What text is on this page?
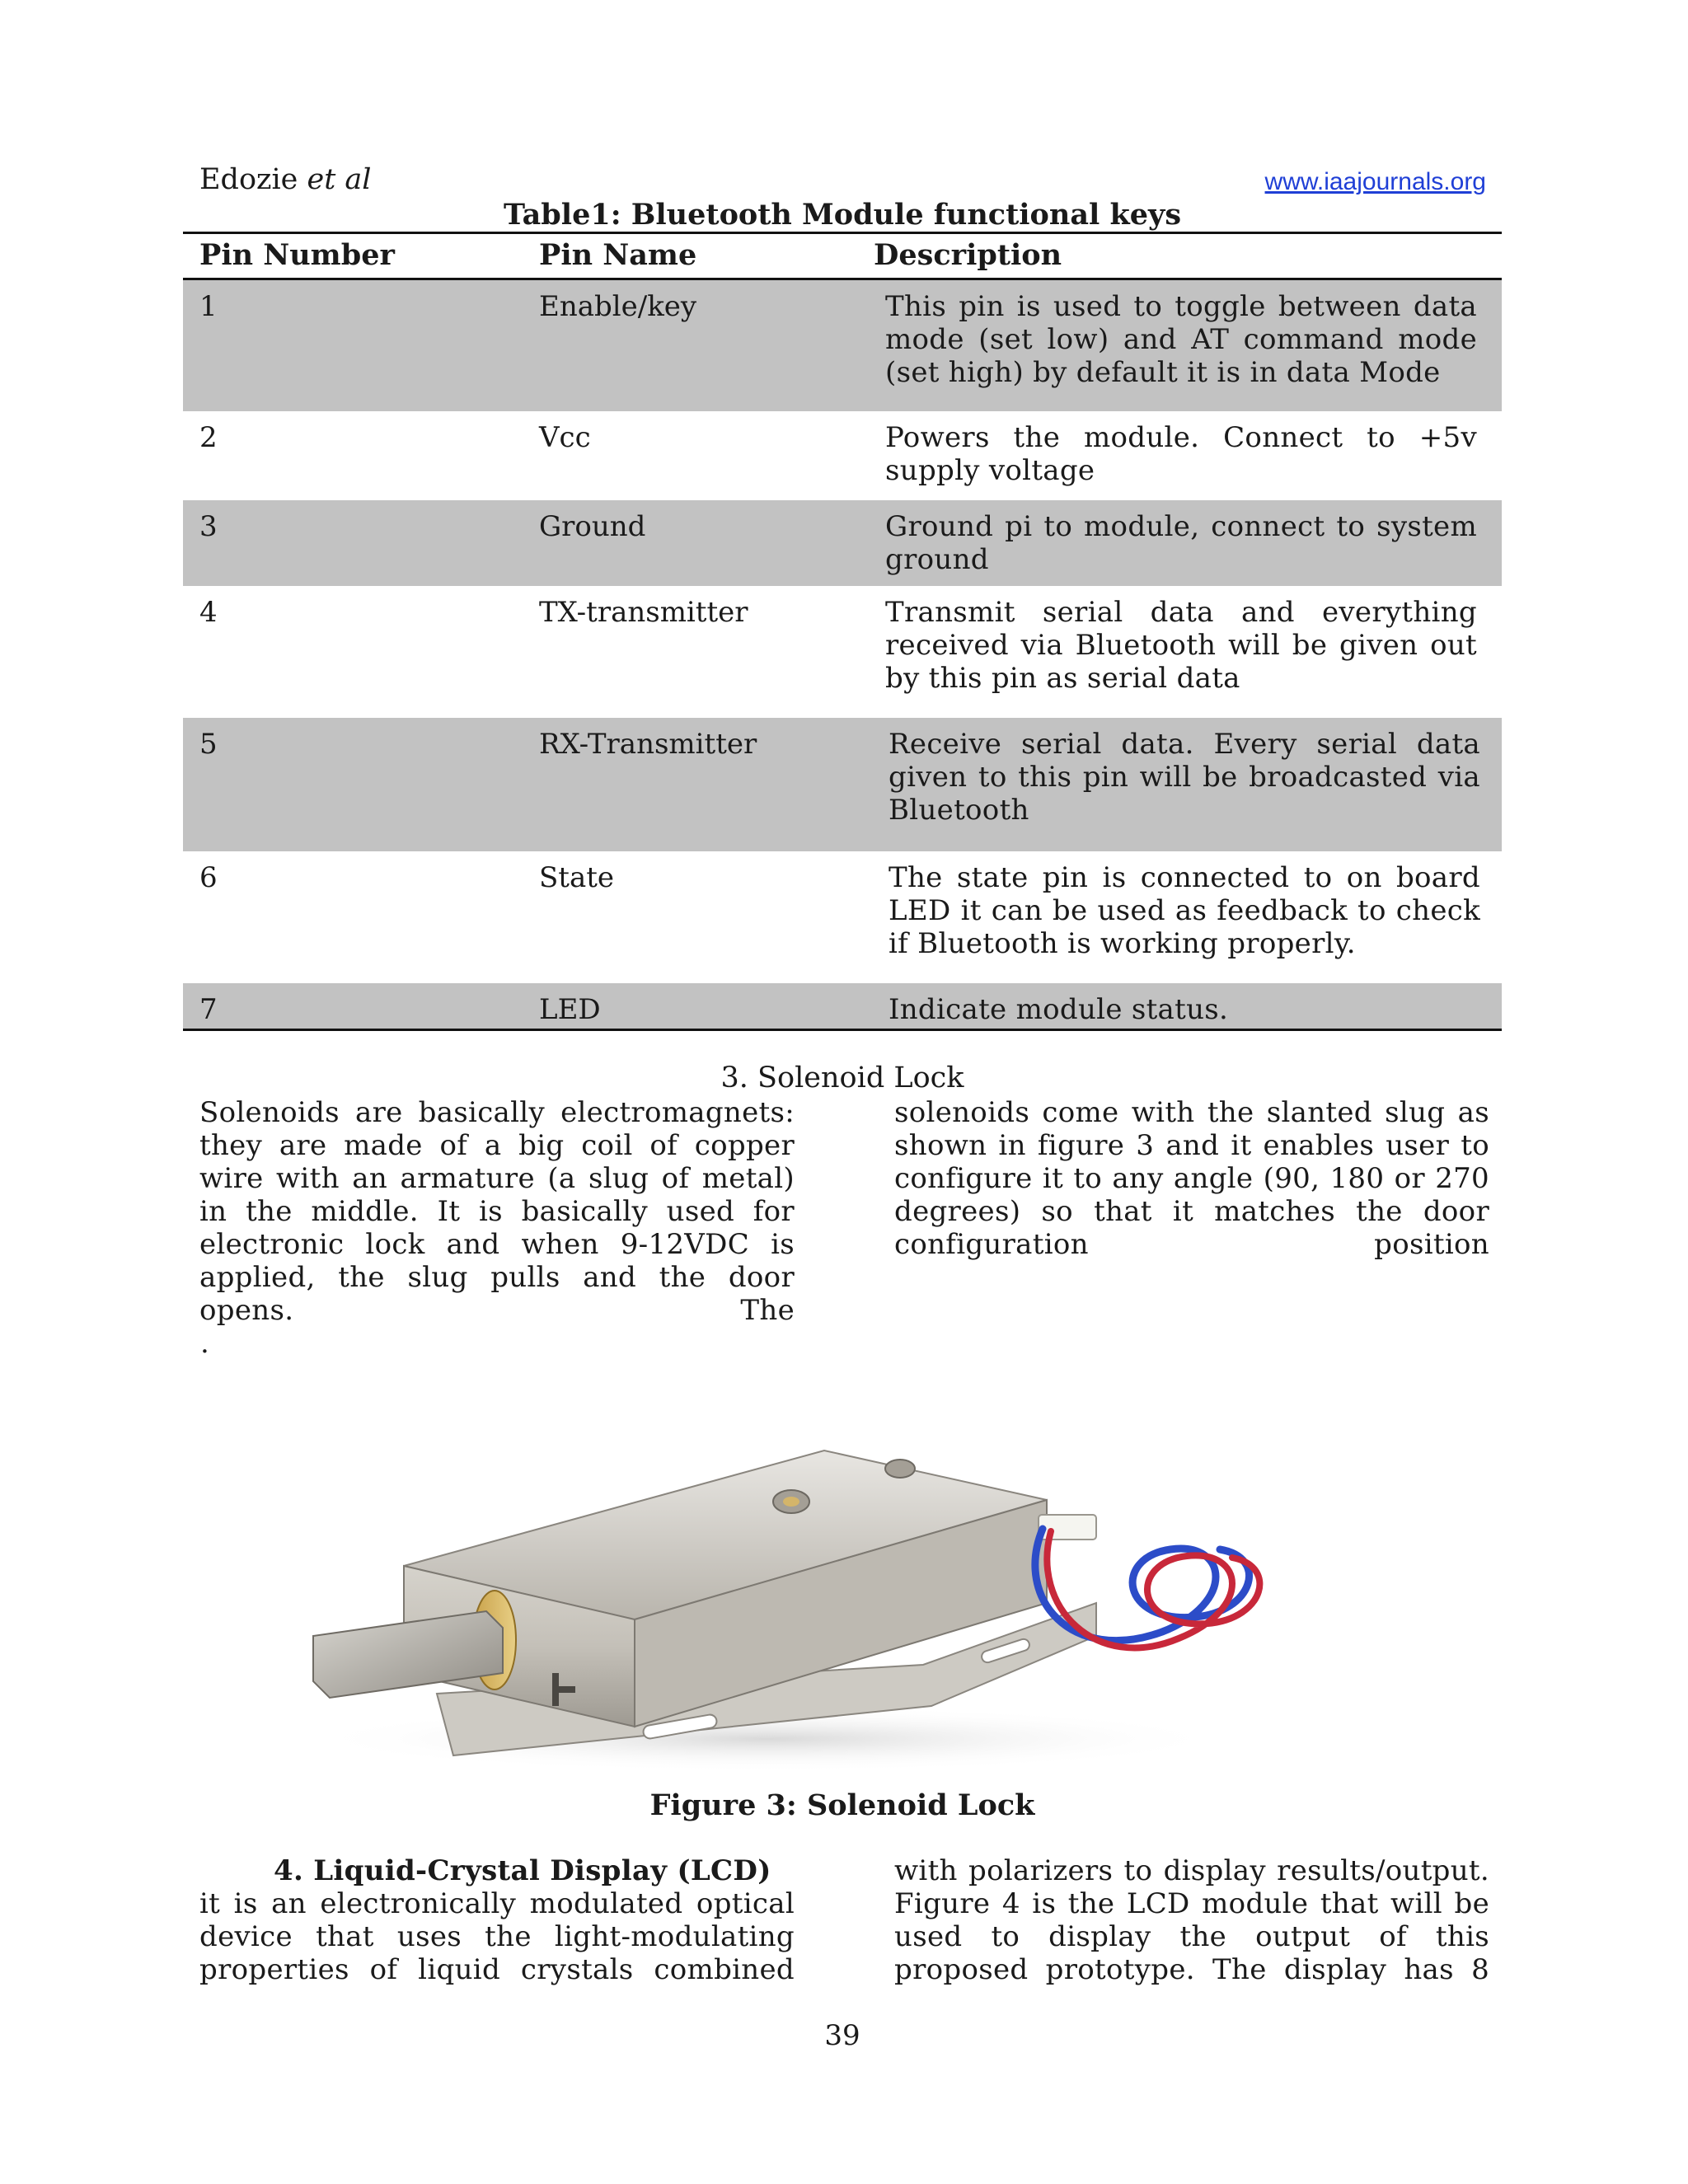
Edozie et al	www.iaajournals.org
Table1: Bluetooth Module functional keys
Pin Number	Pin Name	Description
1	Enable/key	This pin is used to toggle between data mode (set low) and AT command mode (set high) by default it is in data Mode
2	Vcc	Powers the module. Connect to +5v supply voltage
3	Ground	Ground pi to module, connect to system ground
4	TX-transmitter	Transmit serial data and everything received via Bluetooth will be given out by this pin as serial data
5	RX-Transmitter	Receive serial data. Every serial data given to this pin will be broadcasted via Bluetooth
6	State	The state pin is connected to on board LED it can be used as feedback to check if Bluetooth is working properly.
7	LED	Indicate module status.
3. Solenoid Lock
Solenoids are basically electromagnets: they are made of a big coil of copper wire with an armature (a slug of metal) in the middle. It is basically used for electronic lock and when 9-12VDC is applied, the slug pulls and the door opens. The
solenoids come with the slanted slug as shown in figure 3 and it enables user to configure it to any angle (90, 180 or 270 degrees) so that it matches the door configuration position
.
Figure 3: Solenoid Lock
4. Liquid-Crystal Display (LCD)
it is an electronically modulated optical device that uses the light-modulating properties of liquid crystals combined
with polarizers to display results/output. Figure 4 is the LCD module that will be used to display the output of this proposed prototype. The display has 8
39
